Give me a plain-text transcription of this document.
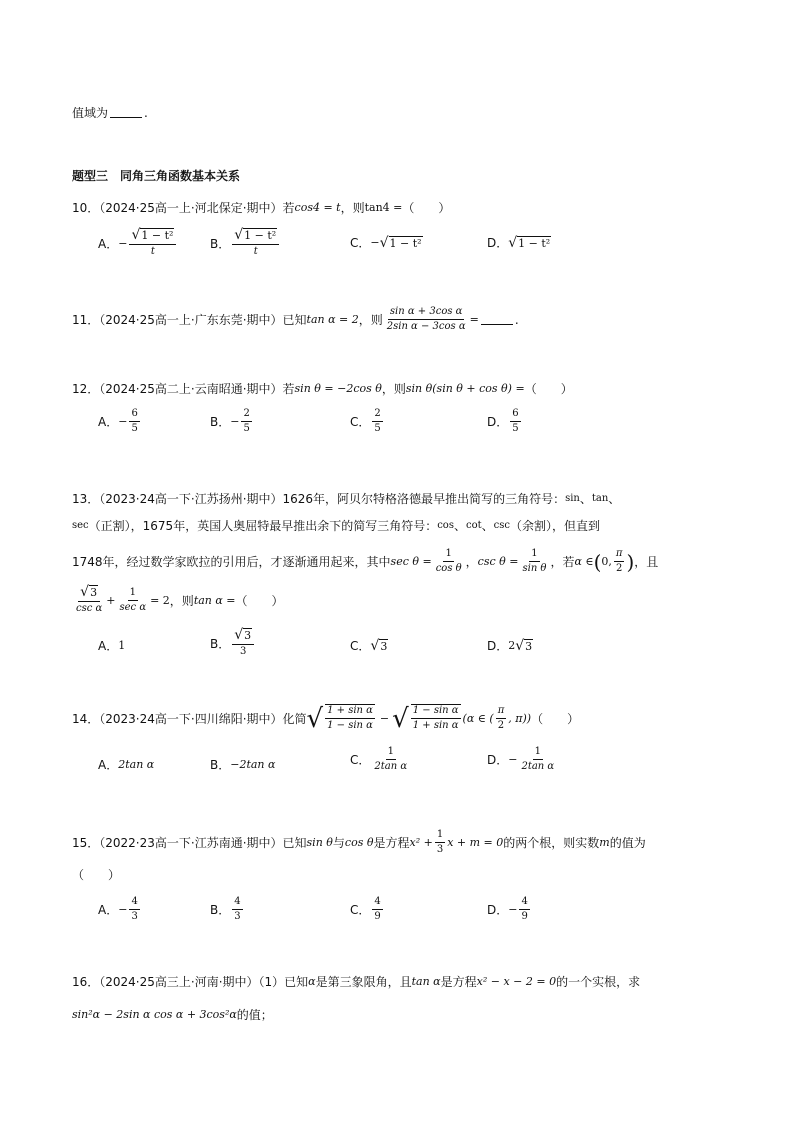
值域为	.
题型三　同角三角函数基本关系
10．（2024·25高一上·河北保定·期中）若 cos4 = t ，则 tan4 = （　　）
A． − $\frac{\text{√ 1 − t²}}{t}$	B． $\frac{\text{√ 1 − t²}}{t}$	C． − √ 1 − t²	D． √ 1 − t²
11．（2024·25高一上·广东东莞·期中）已知 tan α = 2 ，则 $\frac{\text{sin α + 3cos α}}{\text{2sin α − 3cos α}}$ =	.
12．（2024·25高二上·云南昭通·期中）若 sin θ = −2cos θ ，则 sin θ(sin θ + cos θ) = （　　）
A． − $\frac{6}{5}$	B． − $\frac{2}{5}$	C． $\frac{2}{5}$	D． $\frac{6}{5}$
13．（2023·24高一下·江苏扬州·期中）1626年，阿贝尔特格洛德最早推出简写的三角符号： sin 、 tan 、
sec （正割），1675年，英国人奥屈特最早推出余下的简写三角符号： cos 、 cot 、 csc （余割），但直到
1748年，经过数学家欧拉的引用后，才逐渐通用起来，其中 $\sec \theta = \frac{1}{\text{cos θ}}$ ， $\csc \theta = \frac{1}{\text{sin θ}}$ ，若 α ∈ ( 0, $\frac{\pi}{2}$ ) ，且
$\frac{√ 3}{\text{csc α}} + \frac{1}{\text{sec α}} = 2$ ，则 tan α = （　　）
A． 1	B． $\frac{√ 3}{3}$	C． √ 3	D． 2 √ 3
14．（2023·24高一下·四川绵阳·期中）化简 √ $\frac{\text{1 + sin α}}{\text{1 − sin α}}$ − √ $\frac{\text{1 − sin α}}{\text{1 + sin α}} (\alpha$ ∈ ( $\frac{\pi}{2}$ , π)) （　　）
A． 2tan α	B． −2tan α	C． $\frac{1}{\text{2tan α}}$	D． − $\frac{1}{\text{2tan α}}$
15．（2022·23高一下·江苏南通·期中）已知 sin θ 与 cos θ 是方程 $x^2 + \frac{1}{3}$ x + m = 0 的两个根，则实数 m 的值为
（　　）
A． − $\frac{4}{3}$	B． $\frac{4}{3}$	C． $\frac{4}{9}$	D． − $\frac{4}{9}$
16．（2024·25高三上·河南·期中）（1）已知 α 是第三象限角，且 tan α 是方程 x² − x − 2 = 0 的一个实根，求
sin²α − 2sin α cos α + 3cos²α 的值；
